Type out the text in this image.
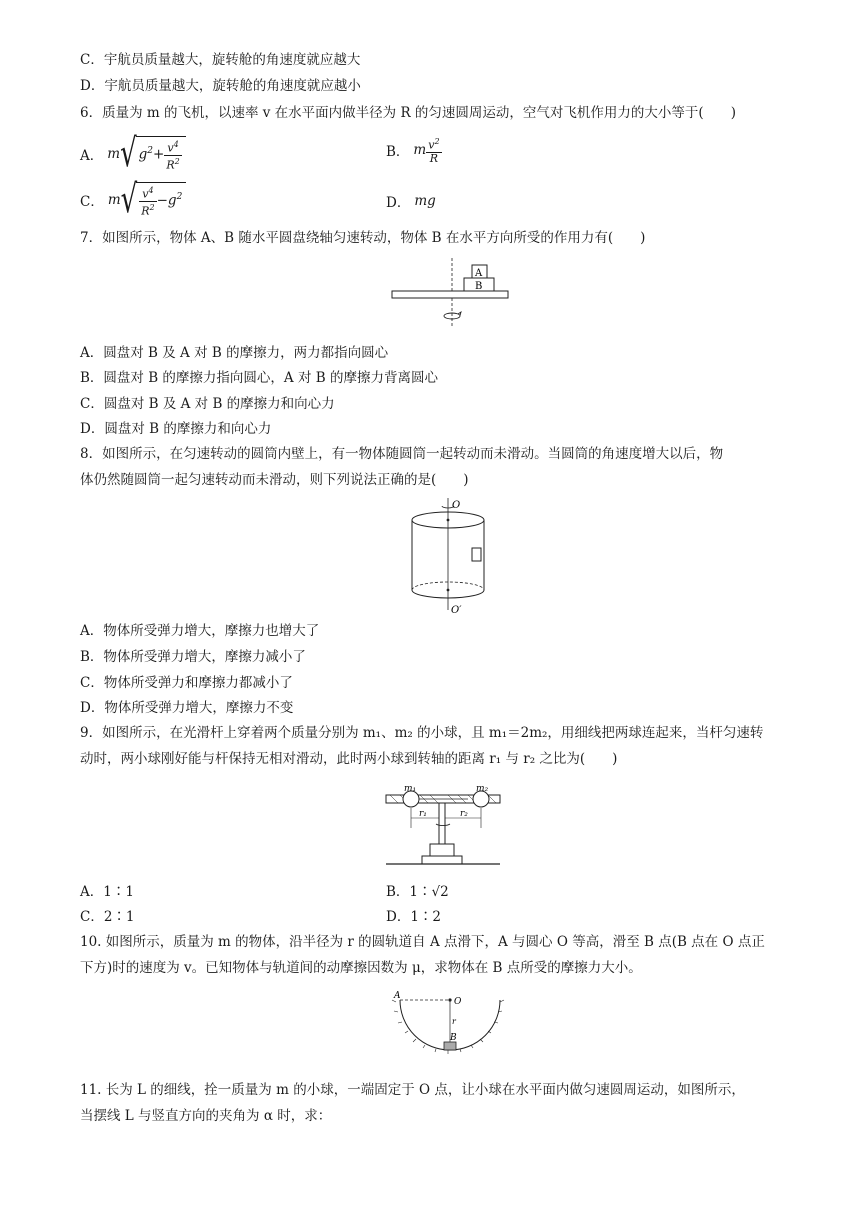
C．宇航员质量越大，旋转舱的角速度就应越大
D．宇航员质量越大，旋转舱的角速度就应越小
6．质量为 m 的飞机，以速率 v 在水平面内做半径为 R 的匀速圆周运动，空气对飞机作用力的大小等于(　　)
A． m √ $g^2+ \frac{v^4}{R^2}$	B． m $\frac{v^2}{R}$
C． m √ $\frac{v^4}{R^2} -g^2$	D． mg
7．如图所示，物体 A、B 随水平圆盘绕轴匀速转动，物体 B 在水平方向所受的作用力有(　　)
A
B
A．圆盘对 B 及 A 对 B 的摩擦力，两力都指向圆心
B．圆盘对 B 的摩擦力指向圆心，A 对 B 的摩擦力背离圆心
C．圆盘对 B 及 A 对 B 的摩擦力和向心力
D．圆盘对 B 的摩擦力和向心力
8．如图所示，在匀速转动的圆筒内壁上，有一物体随圆筒一起转动而未滑动。当圆筒的角速度增大以后，物
体仍然随圆筒一起匀速转动而未滑动，则下列说法正确的是(　　)
O
O′
A．物体所受弹力增大，摩擦力也增大了
B．物体所受弹力增大，摩擦力减小了
C．物体所受弹力和摩擦力都减小了
D．物体所受弹力增大，摩擦力不变
9．如图所示，在光滑杆上穿着两个质量分别为 m₁、m₂ 的小球，且 m₁＝2m₂，用细线把两球连起来，当杆匀速转
动时，两小球刚好能与杆保持无相对滑动，此时两小球到转轴的距离 r₁ 与 r₂ 之比为(　　)
m₁	m₂
r₁	r₂
A．1∶1	B．1∶√2
C．2∶1	D．1∶2
10. 如图所示，质量为 m 的物体，沿半径为 r 的圆轨道自 A 点滑下，A 与圆心 O 等高，滑至 B 点(B 点在 O 点正
下方)时的速度为 v。已知物体与轨道间的动摩擦因数为 μ，求物体在 B 点所受的摩擦力大小。
A
O
r
B
11. 长为 L 的细线，拴一质量为 m 的小球，一端固定于 O 点，让小球在水平面内做匀速圆周运动，如图所示，
当摆线 L 与竖直方向的夹角为 α 时，求：
